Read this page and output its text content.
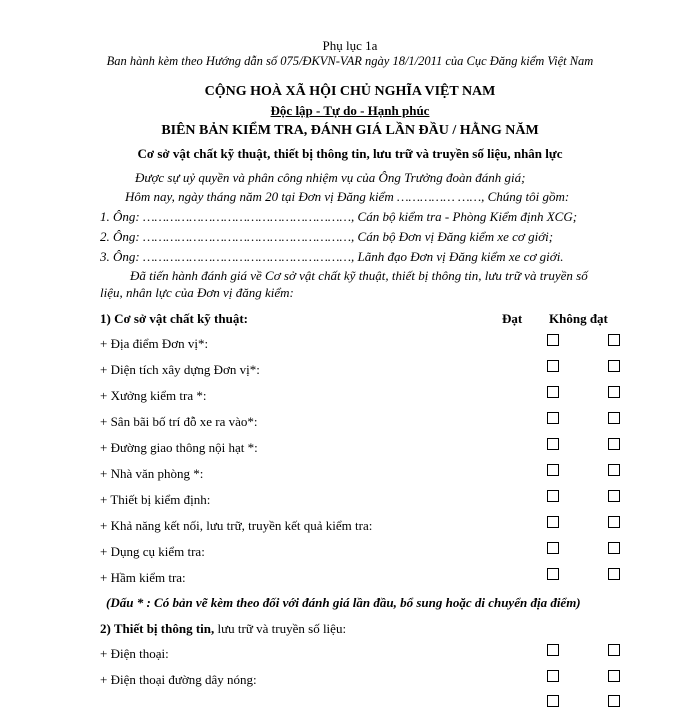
Phụ lục 1a
Ban hành kèm theo Hướng dẫn số 075/ĐKVN-VAR ngày 18/1/2011 của Cục Đăng kiểm Việt Nam
CỘNG HOÀ XÃ HỘI CHỦ NGHĨA VIỆT NAM
Độc lập - Tự do - Hạnh phúc
BIÊN BẢN KIỂM TRA, ĐÁNH GIÁ LẦN ĐẦU / HẰNG NĂM
Cơ sở vật chất kỹ thuật, thiết bị thông tin, lưu trữ và truyền số liệu, nhân lực
Được sự uỷ quyền và phân công nhiệm vụ của Ông Trưởng đoàn đánh giá;
Hôm nay, ngày tháng năm 20 tại Đơn vị Đăng kiểm …………… ……, Chúng tôi gồm:
1. Ông: ………………………………………………, Cán bộ kiểm tra - Phòng Kiểm định XCG;
2. Ông: ………………………………………………, Cán bộ Đơn vị Đăng kiểm xe cơ giới;
3. Ông: ………………………………………………, Lãnh đạo Đơn vị Đăng kiểm xe cơ giới.
Đã tiến hành đánh giá về Cơ sở vật chất kỹ thuật, thiết bị thông tin, lưu trữ và truyền số
liệu, nhân lực của Đơn vị đăng kiểm:
1) Cơ sở vật chất kỹ thuật:	Đạt Không đạt
+ Địa điểm Đơn vị*:
+ Diện tích xây dựng Đơn vị*:
+ Xưởng kiểm tra *:
+ Sân bãi bố trí đỗ xe ra vào*:
+ Đường giao thông nội hạt *:
+ Nhà văn phòng *:
+ Thiết bị kiểm định:
+ Khả năng kết nối, lưu trữ, truyền kết quả kiểm tra:
+ Dụng cụ kiểm tra:
+ Hầm kiểm tra:
(Dấu * : Có bản vẽ kèm theo đối với đánh giá lần đầu, bổ sung hoặc di chuyển địa điểm)
2) Thiết bị thông tin, lưu trữ và truyền số liệu:
+ Điện thoại:
+ Điện thoại đường dây nóng:
